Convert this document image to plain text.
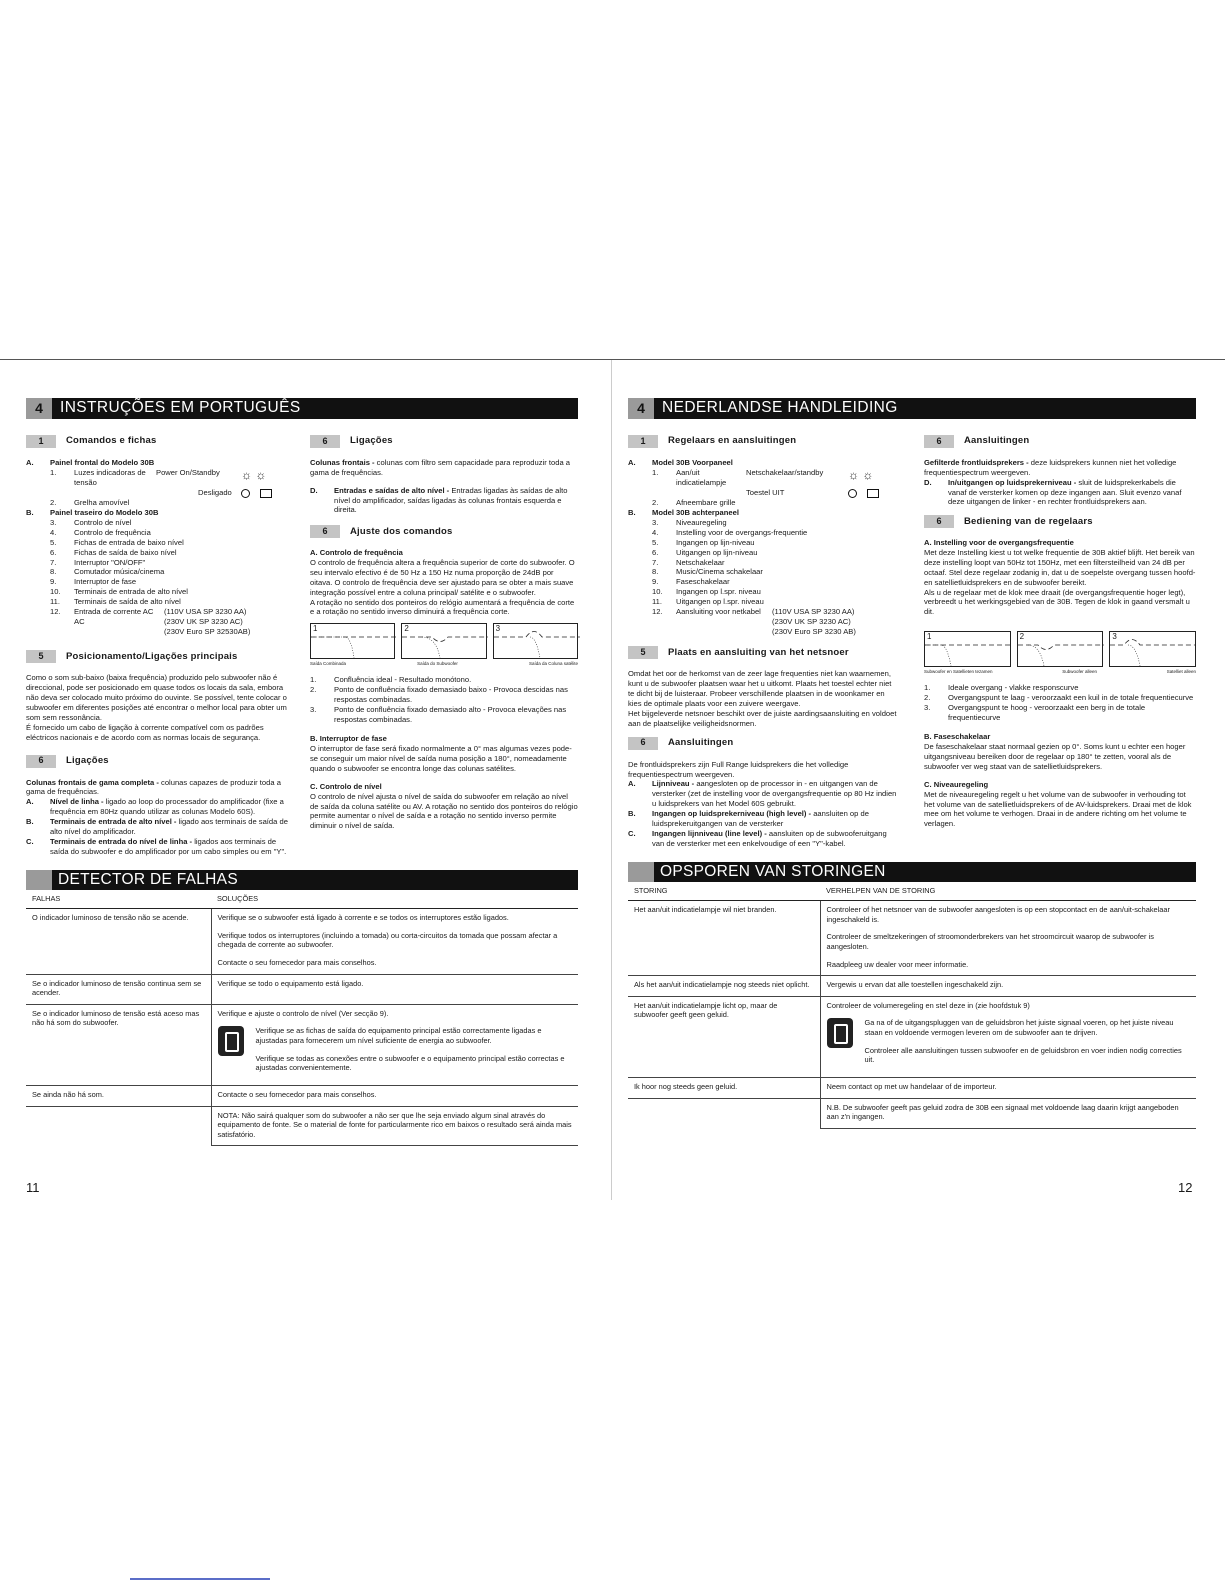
4	INSTRUÇÕES EM PORTUGUÊS
1	Comandos e fichas
A.	Painel frontal do Modelo 30B
1.	Luzes indicadoras de tensão
Power On/Standby
Desligado
☼ ☼
2.	Grelha amovível
B.	Painel traseiro do Modelo 30B
3.	Controlo de nível
4.	Controlo de frequência
5.	Fichas de entrada de baixo nível
6.	Fichas de saída de baixo nível
7.	Interruptor "ON/OFF"
8.	Comutador música/cinema
9.	Interruptor de fase
10.	Terminais de entrada de alto nível
11.	Terminais de saída de alto nível
12.	Entrada de corrente AC	(110V USA SP 3230 AA)
AC	(230V UK SP 3230 AC)
(230V Euro SP 32530AB)
5	Posicionamento/Ligações principais
Como o som sub-baixo (baixa frequência) produzido pelo subwoofer não é direccional, pode ser posicionado em quase todos os locais da sala, embora não deva ser colocado muito próximo do ouvinte. Se possível, tente colocar o subwoofer em diferentes posições até encontrar o melhor local para obter um som sem ressonância.
É fornecido um cabo de ligação à corrente compatível com os padrões eléctricos nacionais e de acordo com as normas locais de segurança.
6	Ligações
Colunas frontais de gama completa - colunas capazes de produzir toda a gama de frequências.
A.	Nível de linha - ligado ao loop do processador do amplificador (fixe a frequência em 80Hz quando utilizar as colunas Modelo 60S).
B.	Terminais de entrada de alto nível - ligado aos terminais de saída de alto nível do amplificador.
C.	Terminais de entrada do nível de linha - ligados aos terminais de saída do subwoofer e do amplificador por um cabo simples ou em "Y".
6	Ligações
Colunas frontais - colunas com filtro sem capacidade para reproduzir toda a gama de frequências.
D.	Entradas e saídas de alto nível - Entradas ligadas às saídas de alto nível do amplificador, saídas ligadas às colunas frontais esquerda e direita.
6	Ajuste dos comandos
A. Controlo de frequência
O controlo de frequência altera a frequência superior de corte do subwoofer. O seu intervalo efectivo é de 50 Hz a 150 Hz numa proporção de 24dB por oitava. O controlo de frequência deve ser ajustado para se obter a mais suave integração possível entre a coluna principal/ satélite e o subwoofer.
A rotação no sentido dos ponteiros do relógio aumentará a frequência de corte e a rotação no sentido inverso diminuirá a frequência corte.
1	2	3
Saída Combinada	Saída do Subwoofer	Saída da Coluna satélite
1.	Confluência ideal - Resultado monótono.
2.	Ponto de confluência fixado demasiado baixo - Provoca descidas nas respostas combinadas.
3.	Ponto de confluência fixado demasiado alto - Provoca elevações nas respostas combinadas.
B. Interruptor de fase
O interruptor de fase será fixado normalmente a 0° mas algumas vezes pode-se conseguir um maior nível de saída numa posição a 180°, nomeadamente quando o subwoofer se encontra longe das colunas satélites.
C. Controlo de nível
O controlo de nível ajusta o nível de saída do subwoofer em relação ao nível de saída da coluna satélite ou AV. A rotação no sentido dos ponteiros do relógio permite aumentar o nível de saída e a rotação no sentido inverso permite diminuir o nível de saída.
DETECTOR DE FALHAS
FALHAS	SOLUÇÕES
O indicador luminoso de tensão não se acende.	Verifique se o subwoofer está ligado à corrente e se todos os interruptores estão ligados.

Verifique todos os interruptores (incluindo a tomada) ou corta-circuitos da tomada que possam afectar a chegada de corrente ao subwoofer.

Contacte o seu fornecedor para mais conselhos.

Se o indicador luminoso de tensão continua sem se acender.	Verifique se todo o equipamento está ligado.
Se o indicador luminoso de tensão está aceso mas não há som do subwoofer.	Verifique e ajuste o controlo de nível (Ver secção 9).

Verifique se as fichas de saída do equipamento principal estão correctamente ligadas e ajustadas para fornecerem um nível suficiente de energia ao subwoofer.

Verifique se todas as conexões entre o subwoofer e o equipamento principal estão correctas e ajustadas convenientemente.

Se ainda não há som.	Contacte o seu fornecedor para mais conselhos.
	NOTA: Não sairá qualquer som do subwoofer a não ser que lhe seja enviado algum sinal através do equipamento de fonte. Se o material de fonte for particularmente rico em baixos o resultado será ainda mais satisfatório.
11
4	NEDERLANDSE HANDLEIDING
1	Regelaars en aansluitingen
A.	Model 30B Voorpaneel
1.	Aan/uit indicatielampje
Netschakelaar/standby
Toestel UIT
☼ ☼
2.	Afneembare grille
B.	Model 30B achterpaneel
3.	Niveauregeling
4.	Instelling voor de overgangs-frequentie
5.	Ingangen op lijn-niveau
6.	Uitgangen op lijn-niveau
7.	Netschakelaar
8.	Music/Cinema schakelaar
9.	Faseschakelaar
10.	Ingangen op l.spr. niveau
11.	Uitgangen op l.spr. niveau
12.	Aansluiting voor netkabel	(110V USA SP 3230 AA)
(230V UK SP 3230 AC)
(230V Euro SP 3230 AB)
5	Plaats en aansluiting van het netsnoer
Omdat het oor de herkomst van de zeer lage frequenties niet kan waarnemen, kunt u de subwoofer plaatsen waar het u uitkomt. Plaats het toestel echter niet te dicht bij de luisteraar. Probeer verschillende plaatsen in de woonkamer en kies de optimale plaats voor een zuivere weergave.
Het bijgeleverde netsnoer beschikt over de juiste aardingsaansluiting en voldoet aan de plaatselijke veiligheidsnormen.
6	Aansluitingen
De frontluidsprekers zijn Full Range luidsprekers die het volledige frequentiespectrum weergeven.
A.	Lijnniveau - aangesloten op de processor in - en uitgangen van de versterker (zet de instelling voor de overgangsfrequentie op 80 Hz indien u luidsprekers van het Model 60S gebruikt.
B.	Ingangen op luidsprekerniveau (high level) - aansluiten op de luidsprekeruitgangen van de versterker
C.	Ingangen lijnniveau (line level) - aansluiten op de subwooferuitgang van de versterker met een enkelvoudige of een "Y"-kabel.
6	Aansluitingen
Gefilterde frontluidsprekers - deze luidsprekers kunnen niet het volledige frequentiespectrum weergeven.
D.	In/uitgangen op luidsprekerniveau - sluit de luidsprekerkabels die vanaf de versterker komen op deze ingangen aan. Sluit evenzo vanaf deze uitgangen de linker - en rechter frontluidsprekers aan.
6	Bediening van de regelaars
A. Instelling voor de overgangsfrequentie
Met deze Instelling kiest u tot welke frequentie de 30B aktief blijft. Het bereik van deze instelling loopt van 50Hz tot 150Hz, met een filtersteilheid van 24 dB per octaaf. Stel deze regelaar zodanig in, dat u de soepelste overgang tussen hoofd- en satellietluidsprekers en de subwoofer bereikt.
Als u de regelaar met de klok mee draait (de overgangsfrequentie hoger legt), verbreedt u het werkingsgebied van de 30B. Tegen de klok in gaand versmalt u dit.
1	2	3
Subwoofer en Satellieten tezamen	Subwoofer alleen	Satelliet alleen
1.	Ideale overgang - vlakke responscurve
2.	Overgangspunt te laag - veroorzaakt een kuil in de totale frequentiecurve
3.	Overgangspunt te hoog - veroorzaakt een berg in de totale frequentiecurve
B. Faseschakelaar
De faseschakelaar staat normaal gezien op 0°. Soms kunt u echter een hoger uitgangsniveau bereiken door de regelaar op 180° te zetten, vooral als de subwoofer ver weg staat van de satellietluidsprekers.
C. Niveauregeling
Met de niveauregeling regelt u het volume van de subwoofer in verhouding tot het volume van de satellietluidsprekers of de AV-luidsprekers. Draai met de klok mee om het volume te verhogen. Draai in de andere richting om het volume te verlagen.
OPSPOREN VAN STORINGEN
STORING	VERHELPEN VAN DE STORING
Het aan/uit indicatielampje wil niet branden.	Controleer of het netsnoer van de subwoofer aangesloten is op een stopcontact en de aan/uit-schakelaar ingeschakeld is.

Controleer de smeltzekeringen of stroomonderbrekers van het stroomcircuit waarop de subwoofer is aangesloten.

Raadpleeg uw dealer voor meer informatie.

Als het aan/uit indicatielampje nog steeds niet oplicht.	Vergewis u ervan dat alle toestellen ingeschakeld zijn.
Het aan/uit indicatielampje licht op, maar de subwoofer geeft geen geluid.	Controleer de volumeregeling en stel deze in (zie hoofdstuk 9)

Ga na of de uitgangspluggen van de geluidsbron het juiste signaal voeren, op het juiste niveau staan en voldoende vermogen leveren om de subwoofer aan te drijven.

Controleer alle aansluitingen tussen subwoofer en de geluidsbron en voer indien nodig correcties uit.

Ik hoor nog steeds geen geluid.	Neem contact op met uw handelaar of de importeur.
	N.B. De subwoofer geeft pas geluid zodra de 30B een signaal met voldoende laag daarin krijgt aangeboden aan z'n ingangen.
12
